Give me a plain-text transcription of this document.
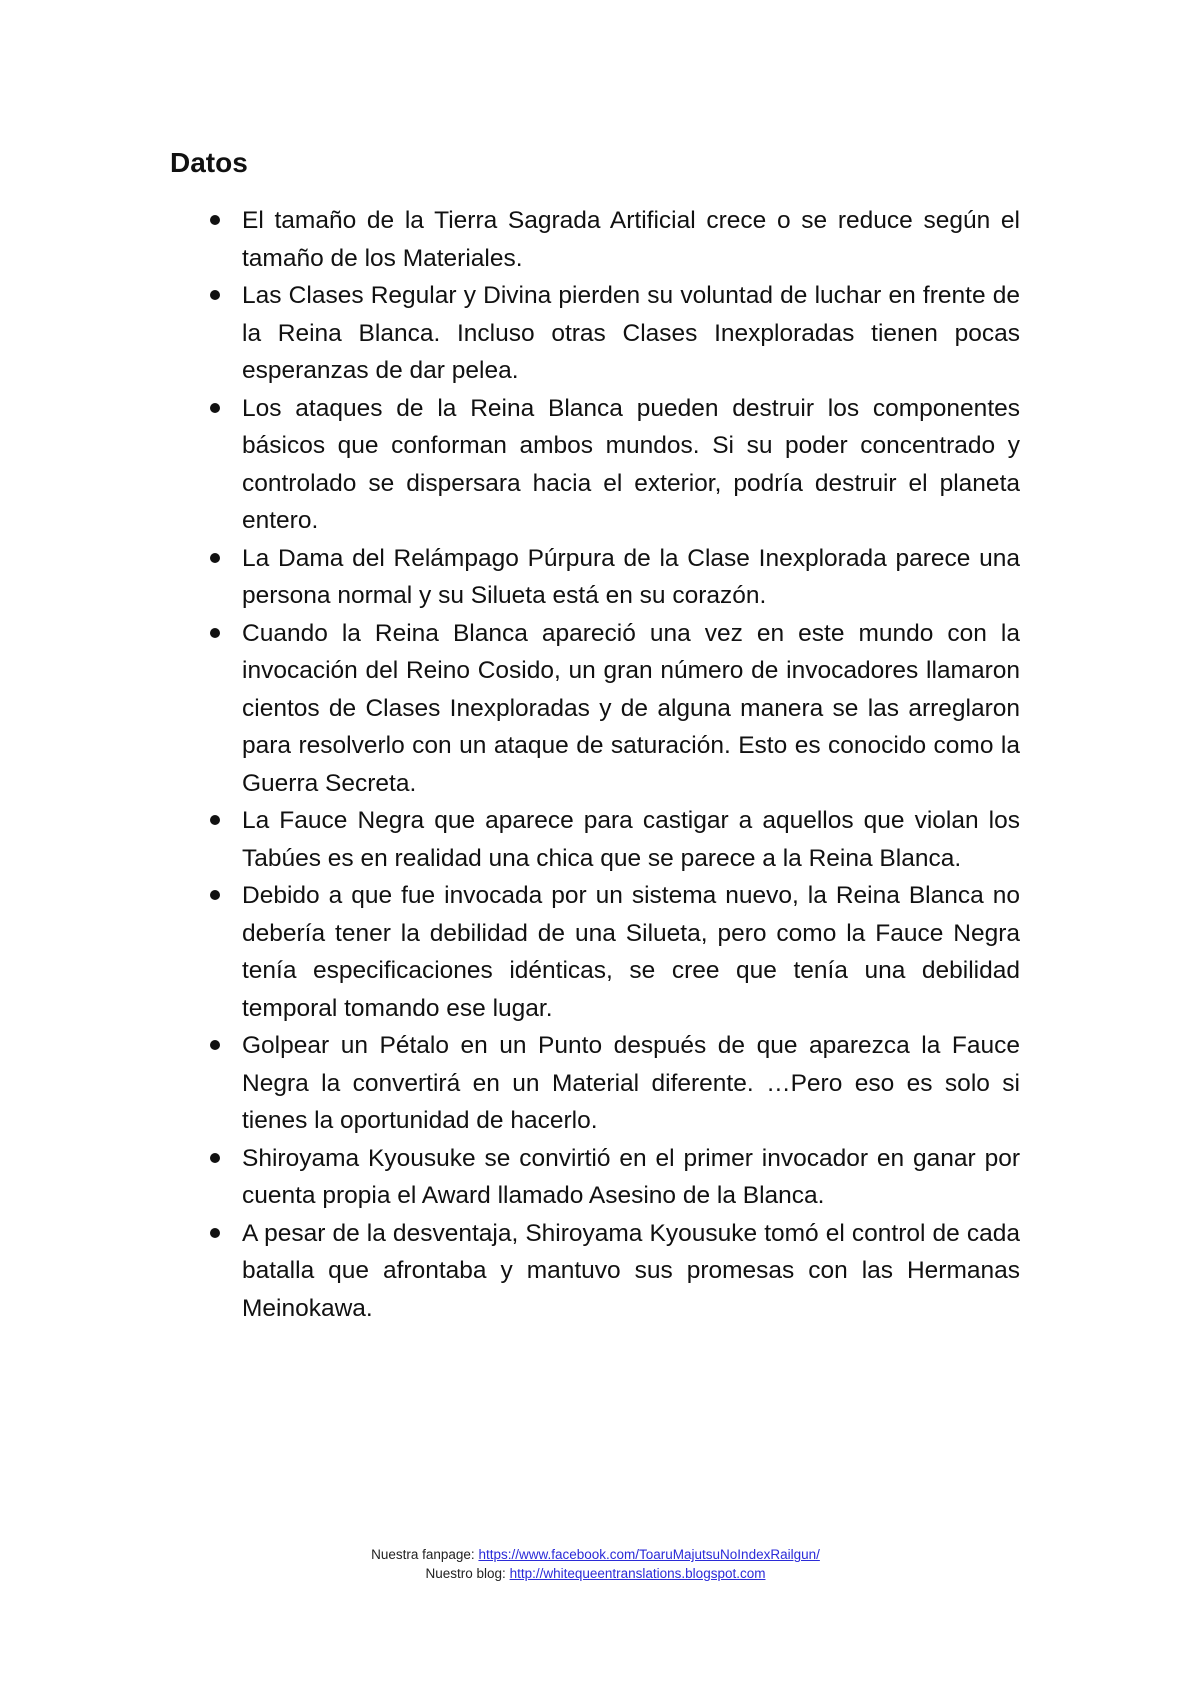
Datos
El tamaño de la Tierra Sagrada Artificial crece o se reduce según el tamaño de los Materiales.
Las Clases Regular y Divina pierden su voluntad de luchar en frente de la Reina Blanca. Incluso otras Clases Inexploradas tienen pocas esperanzas de dar pelea.
Los ataques de la Reina Blanca pueden destruir los componentes básicos que conforman ambos mundos. Si su poder concentrado y controlado se dispersara hacia el exterior, podría destruir el planeta entero.
La Dama del Relámpago Púrpura de la Clase Inexplorada parece una persona normal y su Silueta está en su corazón.
Cuando la Reina Blanca apareció una vez en este mundo con la invocación del Reino Cosido, un gran número de invocadores llamaron cientos de Clases Inexploradas y de alguna manera se las arreglaron para resolverlo con un ataque de saturación. Esto es conocido como la Guerra Secreta.
La Fauce Negra que aparece para castigar a aquellos que violan los Tabúes es en realidad una chica que se parece a la Reina Blanca.
Debido a que fue invocada por un sistema nuevo, la Reina Blanca no debería tener la debilidad de una Silueta, pero como la Fauce Negra tenía especificaciones idénticas, se cree que tenía una debilidad temporal tomando ese lugar.
Golpear un Pétalo en un Punto después de que aparezca la Fauce Negra la convertirá en un Material diferente. …Pero eso es solo si tienes la oportunidad de hacerlo.
Shiroyama Kyousuke se convirtió en el primer invocador en ganar por cuenta propia el Award llamado Asesino de la Blanca.
A pesar de la desventaja, Shiroyama Kyousuke tomó el control de cada batalla que afrontaba y mantuvo sus promesas con las Hermanas Meinokawa.
Nuestra fanpage: https://www.facebook.com/ToaruMajutsuNoIndexRailgun/
Nuestro blog: http://whitequeentranslations.blogspot.com
